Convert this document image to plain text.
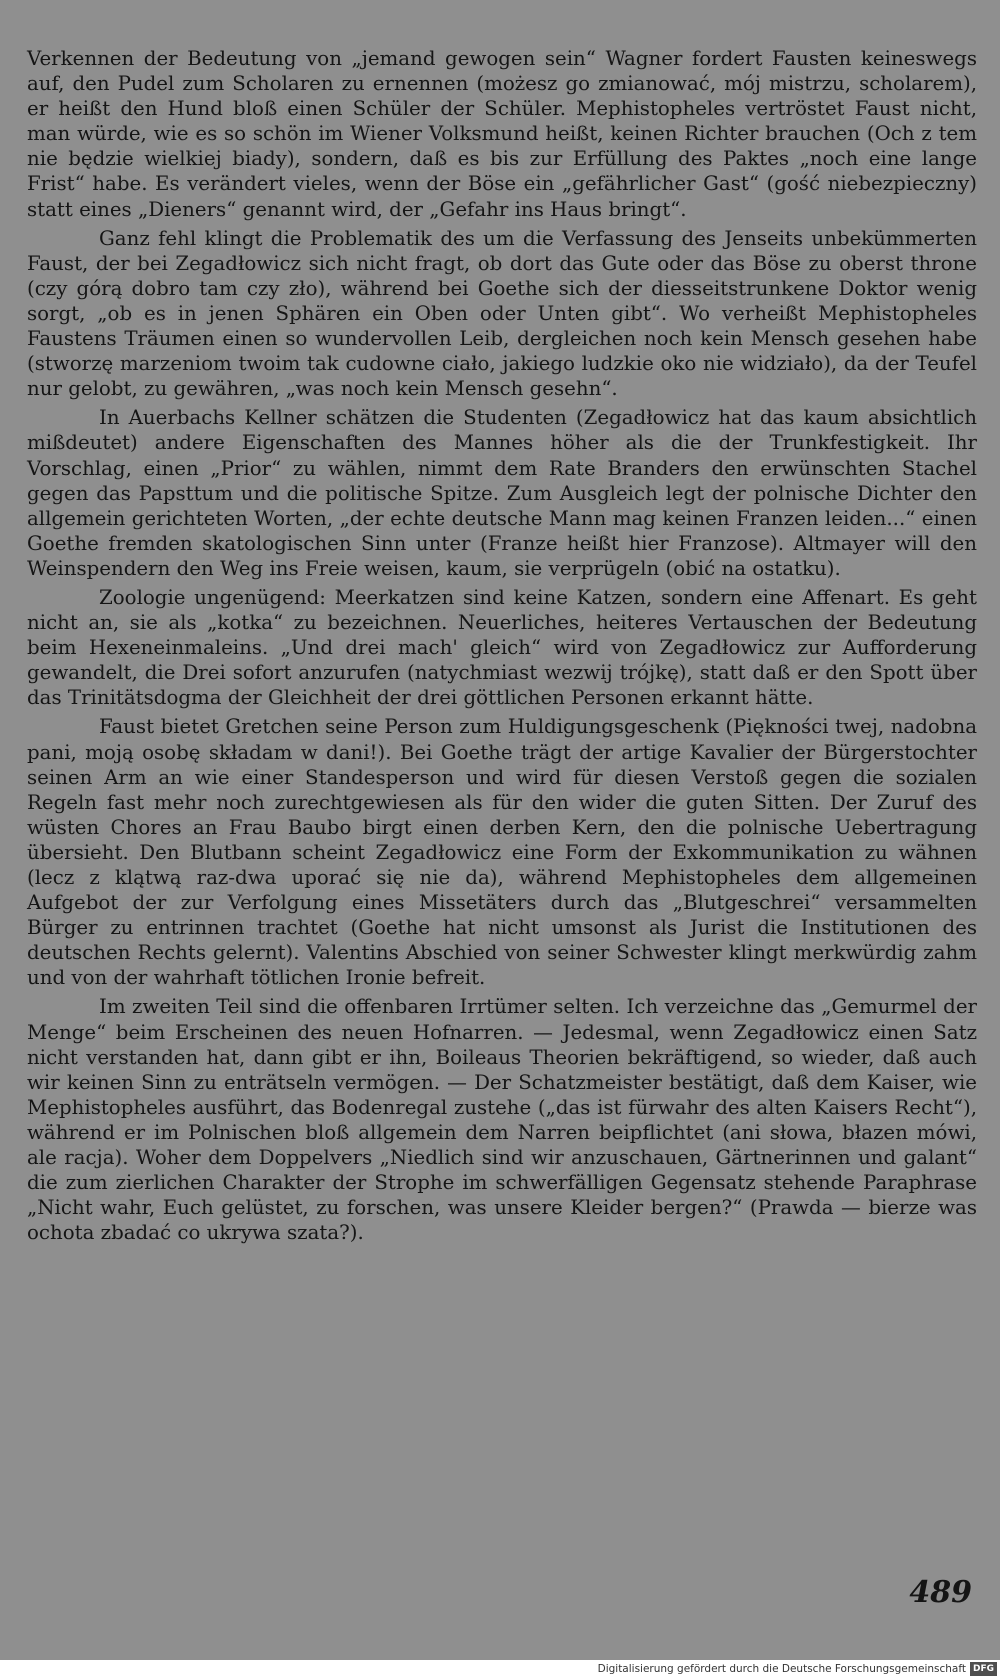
Verkennen der Bedeutung von „jemand gewogen sein“ Wagner fordert Fausten keineswegs auf, den Pudel zum Scholaren zu ernennen (możesz go zmianować, mój mistrzu, scholarem), er heißt den Hund bloß einen Schüler der Schüler. Mephistopheles vertröstet Faust nicht, man würde, wie es so schön im Wiener Volksmund heißt, keinen Richter brauchen (Och z tem nie będzie wielkiej biady), sondern, daß es bis zur Erfüllung des Paktes „noch eine lange Frist“ habe. Es verändert vieles, wenn der Böse ein „gefährlicher Gast“ (gość niebezpieczny) statt eines „Dieners“ genannt wird, der „Gefahr ins Haus bringt“.

Ganz fehl klingt die Problematik des um die Verfassung des Jenseits unbekümmerten Faust, der bei Zegadłowicz sich nicht fragt, ob dort das Gute oder das Böse zu oberst throne (czy górą dobro tam czy zło), während bei Goethe sich der diesseitstrunkene Doktor wenig sorgt, „ob es in jenen Sphären ein Oben oder Unten gibt“. Wo verheißt Mephistopheles Faustens Träumen einen so wundervollen Leib, dergleichen noch kein Mensch gesehen habe (stworzę marzeniom twoim tak cudowne ciało, jakiego ludzkie oko nie widziało), da der Teufel nur gelobt, zu gewähren, „was noch kein Mensch gesehn“.

In Auerbachs Kellner schätzen die Studenten (Zegadłowicz hat das kaum absichtlich mißdeutet) andere Eigenschaften des Mannes höher als die der Trunkfestigkeit. Ihr Vorschlag, einen „Prior“ zu wählen, nimmt dem Rate Branders den erwünschten Stachel gegen das Papsttum und die politische Spitze. Zum Ausgleich legt der polnische Dichter den allgemein gerichteten Worten, „der echte deutsche Mann mag keinen Franzen leiden...“ einen Goethe fremden skatologischen Sinn unter (Franze heißt hier Franzose). Altmayer will den Weinspendern den Weg ins Freie weisen, kaum, sie verprügeln (obić na ostatku).

Zoologie ungenügend: Meerkatzen sind keine Katzen, sondern eine Affenart. Es geht nicht an, sie als „kotka“ zu bezeichnen. Neuerliches, heiteres Vertauschen der Bedeutung beim Hexeneinmaleins. „Und drei mach' gleich“ wird von Zegadłowicz zur Aufforderung gewandelt, die Drei sofort anzurufen (natychmiast wezwij trójkę), statt daß er den Spott über das Trinitätsdogma der Gleichheit der drei göttlichen Personen erkannt hätte.

Faust bietet Gretchen seine Person zum Huldigungsgeschenk (Piękności twej, nadobna pani, moją osobę składam w dani!). Bei Goethe trägt der artige Kavalier der Bürgerstochter seinen Arm an wie einer Standesperson und wird für diesen Verstoß gegen die sozialen Regeln fast mehr noch zurechtgewiesen als für den wider die guten Sitten. Der Zuruf des wüsten Chores an Frau Baubo birgt einen derben Kern, den die polnische Uebertragung übersieht. Den Blutbann scheint Zegadłowicz eine Form der Exkommunikation zu wähnen (lecz z klątwą raz-dwa uporać się nie da), während Mephistopheles dem allgemeinen Aufgebot der zur Verfolgung eines Missetäters durch das „Blutgeschrei“ versammelten Bürger zu entrinnen trachtet (Goethe hat nicht umsonst als Jurist die Institutionen des deutschen Rechts gelernt). Valentins Abschied von seiner Schwester klingt merkwürdig zahm und von der wahrhaft tötlichen Ironie befreit.

Im zweiten Teil sind die offenbaren Irrtümer selten. Ich verzeichne das „Gemurmel der Menge“ beim Erscheinen des neuen Hofnarren. — Jedesmal, wenn Zegadłowicz einen Satz nicht verstanden hat, dann gibt er ihn, Boileaus Theorien bekräftigend, so wieder, daß auch wir keinen Sinn zu enträtseln vermögen. — Der Schatzmeister bestätigt, daß dem Kaiser, wie Mephistopheles ausführt, das Bodenregal zustehe („das ist fürwahr des alten Kaisers Recht“), während er im Polnischen bloß allgemein dem Narren beipflichtet (ani słowa, błazen mówi, ale racja). Woher dem Doppelvers „Niedlich sind wir anzuschauen, Gärtnerinnen und galant“ die zum zierlichen Charakter der Strophe im schwerfälligen Gegensatz stehende Paraphrase „Nicht wahr, Euch gelüstet, zu forschen, was unsere Kleider bergen?“ (Prawda — bierze was ochota zbadać co ukrywa szata?).

489
Digitalisierung gefördert durch die Deutsche Forschungsgemeinschaft DFG
